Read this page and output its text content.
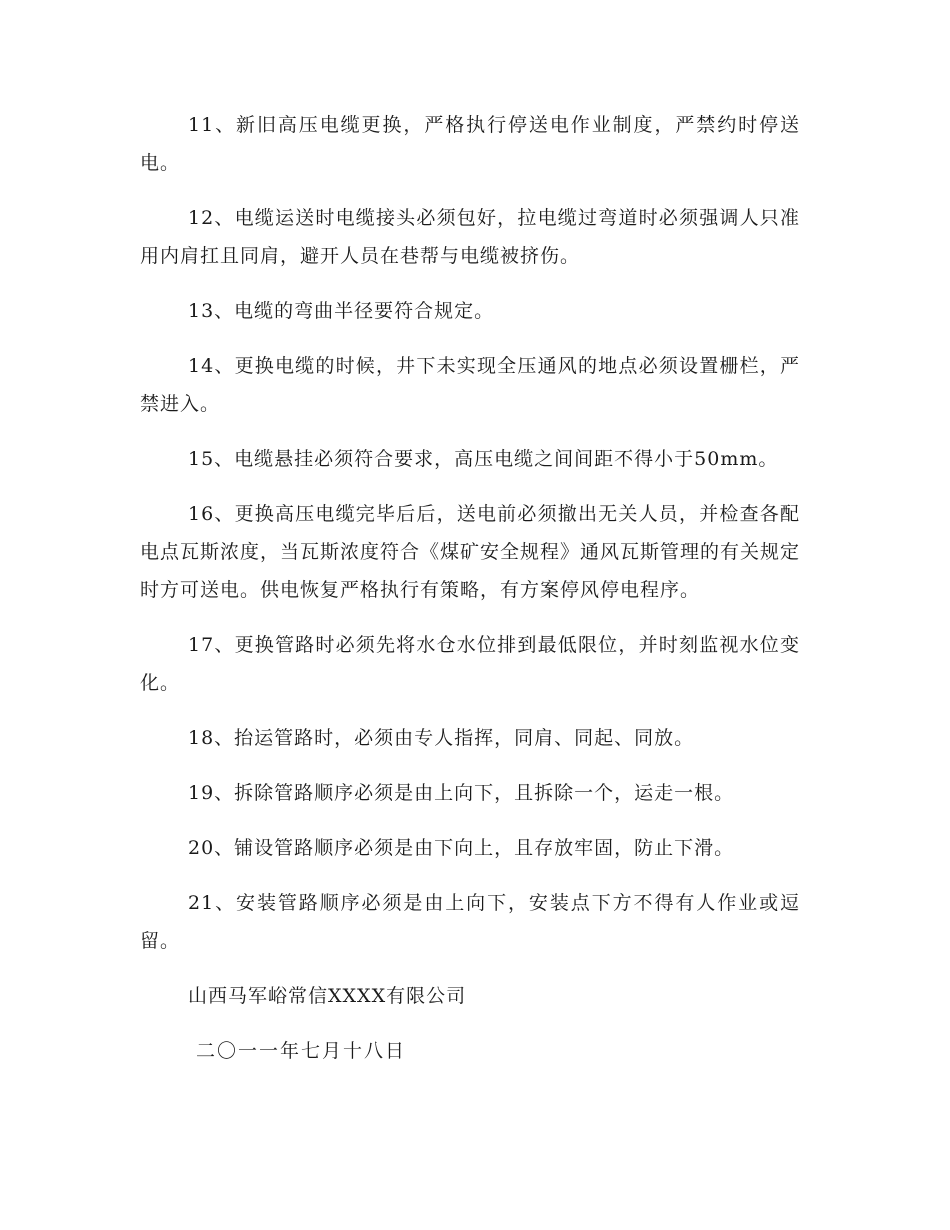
11、新旧高压电缆更换，严格执行停送电作业制度，严禁约时停送电。

12、电缆运送时电缆接头必须包好，拉电缆过弯道时必须强调人只准用内肩扛且同肩，避开人员在巷帮与电缆被挤伤。

13、电缆的弯曲半径要符合规定。

14、更换电缆的时候，井下未实现全压通风的地点必须设置栅栏，严禁进入。

15、电缆悬挂必须符合要求，高压电缆之间间距不得小于50mm。

16、更换高压电缆完毕后后，送电前必须撤出无关人员，并检查各配电点瓦斯浓度，当瓦斯浓度符合《煤矿安全规程》通风瓦斯管理的有关规定时方可送电。供电恢复严格执行有策略，有方案停风停电程序。

17、更换管路时必须先将水仓水位排到最低限位，并时刻监视水位变化。

18、抬运管路时，必须由专人指挥，同肩、同起、同放。

19、拆除管路顺序必须是由上向下，且拆除一个，运走一根。

20、铺设管路顺序必须是由下向上，且存放牢固，防止下滑。

21、安装管路顺序必须是由上向下，安装点下方不得有人作业或逗留。

山西马军峪常信XXXX有限公司

二〇一一年七月十八日
